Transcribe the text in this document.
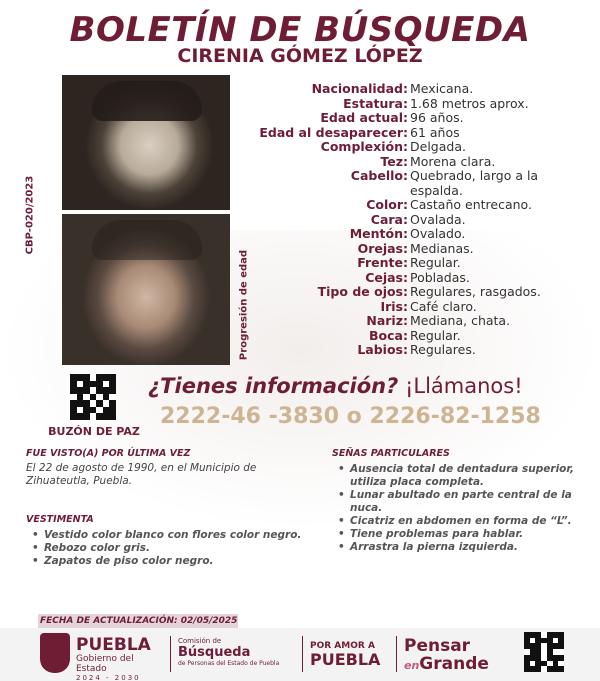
BOLETÍN DE BÚSQUEDA
CIRENIA GÓMEZ LÓPEZ
CBP-020/2023
Progresión de edad
Nacionalidad: Mexicana.
Estatura: 1.68 metros aprox.
Edad actual: 96 años.
Edad al desaparecer: 61 años
Complexión: Delgada.
Tez: Morena clara.
Cabello: Quebrado, largo a la espalda.
Color: Castaño entrecano.
Cara: Ovalada.
Mentón: Ovalado.
Orejas: Medianas.
Frente: Regular.
Cejas: Pobladas.
Tipo de ojos: Regulares, rasgados.
Iris: Café claro.
Nariz: Mediana, chata.
Boca: Regular.
Labios: Regulares.
BUZÓN DE PAZ
¿Tienes información? ¡Llámanos!
2222-46 -3830 o 2226-82-1258
FUE VISTO(A) POR ÚLTIMA VEZ
El 22 de agosto de 1990, en el Municipio de Zihuateutla, Puebla.
VESTIMENTA
• Vestido color blanco con flores color negro.
• Rebozo color gris.
• Zapatos de piso color negro.
SEÑAS PARTICULARES
• Ausencia total de dentadura superior, utiliza placa completa.
• Lunar abultado en parte central de la nuca.
• Cicatriz en abdomen en forma de “L”.
• Tiene problemas para hablar.
• Arrastra la pierna izquierda.
FECHA DE ACTUALIZACIÓN: 02/05/2025
PUEBLA
Gobierno del Estado
2024 - 2030
Comisión de
Búsqueda
de Personas del Estado de Puebla
POR AMOR A
PUEBLA
Pensar
enGrande
